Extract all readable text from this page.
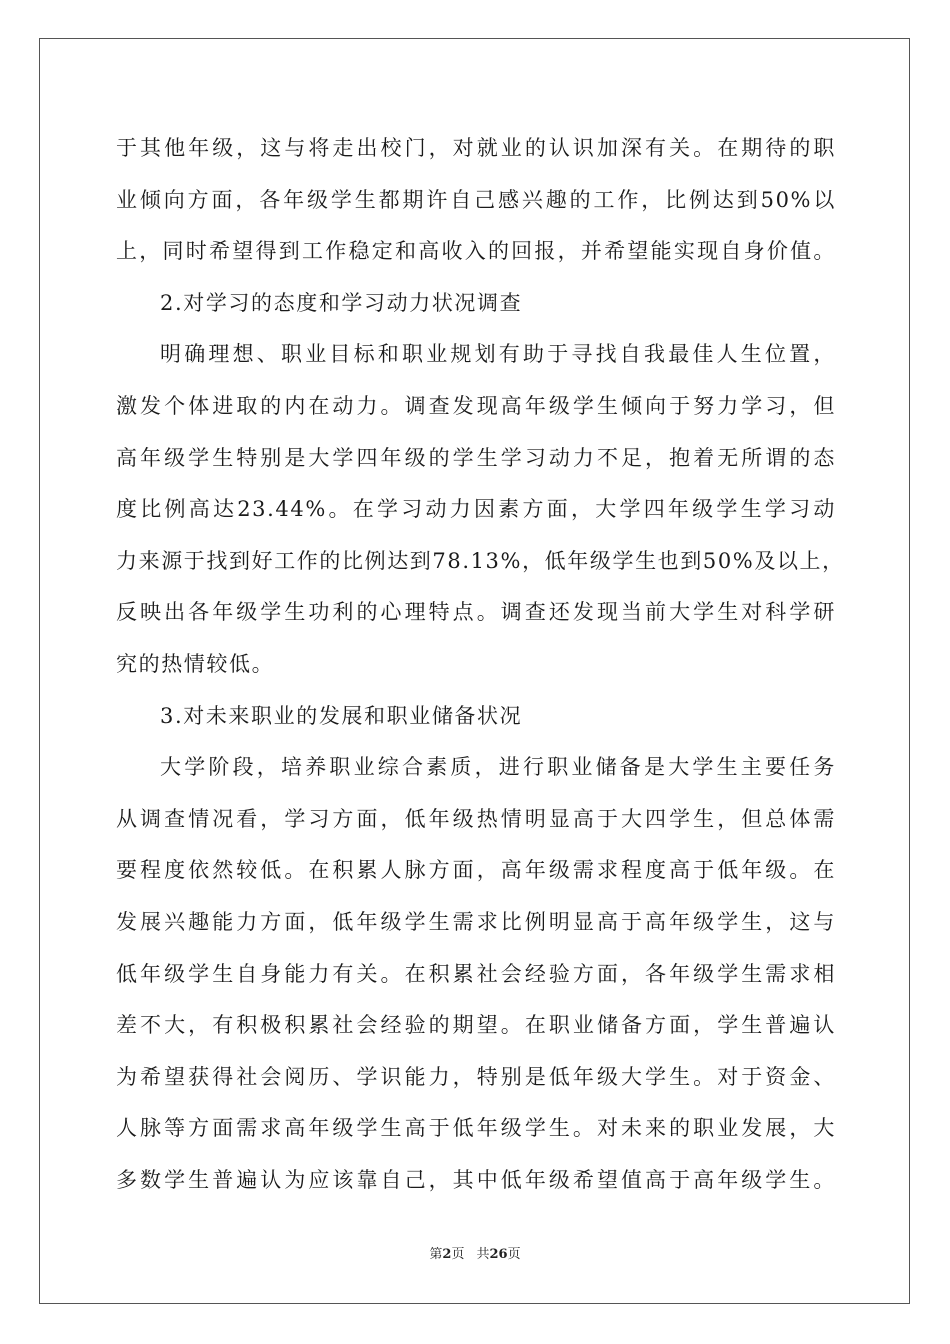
于其他年级，这与将走出校门，对就业的认识加深有关。在期待的职
业倾向方面，各年级学生都期许自己感兴趣的工作，比例达到50%以
上，同时希望得到工作稳定和高收入的回报，并希望能实现自身价值。
2.对学习的态度和学习动力状况调查
明确理想、职业目标和职业规划有助于寻找自我最佳人生位置，
激发个体进取的内在动力。调查发现高年级学生倾向于努力学习，但
高年级学生特别是大学四年级的学生学习动力不足，抱着无所谓的态
度比例高达23.44%。在学习动力因素方面，大学四年级学生学习动
力来源于找到好工作的比例达到78.13%，低年级学生也到50%及以上，
反映出各年级学生功利的心理特点。调查还发现当前大学生对科学研
究的热情较低。
3.对未来职业的发展和职业储备状况
大学阶段，培养职业综合素质，进行职业储备是大学生主要任务
从调查情况看，学习方面，低年级热情明显高于大四学生，但总体需
要程度依然较低。在积累人脉方面，高年级需求程度高于低年级。在
发展兴趣能力方面，低年级学生需求比例明显高于高年级学生，这与
低年级学生自身能力有关。在积累社会经验方面，各年级学生需求相
差不大，有积极积累社会经验的期望。在职业储备方面，学生普遍认
为希望获得社会阅历、学识能力，特别是低年级大学生。对于资金、
人脉等方面需求高年级学生高于低年级学生。对未来的职业发展，大
多数学生普遍认为应该靠自己，其中低年级希望值高于高年级学生。
第2页 共26页
